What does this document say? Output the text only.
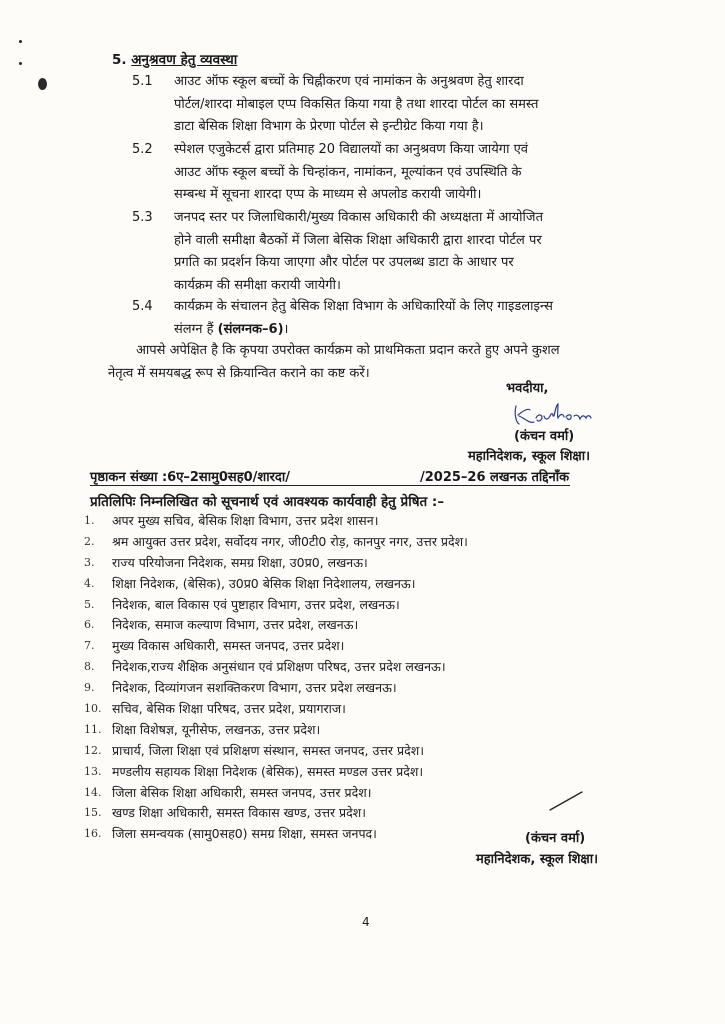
5. अनुश्रवण हेतु व्यवस्था
5.1 आउट ऑफ स्कूल बच्चों के चिह्नीकरण एवं नामांकन के अनुश्रवण हेतु शारदा
पोर्टल/शारदा मोबाइल एप्प विकसित किया गया है तथा शारदा पोर्टल का समस्त
डाटा बेसिक शिक्षा विभाग के प्रेरणा पोर्टल से इन्टीग्रेट किया गया है।
5.2 स्पेशल एजुकेटर्स द्वारा प्रतिमाह 20 विद्यालयों का अनुश्रवण किया जायेगा एवं
आउट ऑफ स्कूल बच्चों के चिन्हांकन, नामांकन, मूल्यांकन एवं उपस्थिति के
सम्बन्ध में सूचना शारदा एप्प के माध्यम से अपलोड करायी जायेगी।
5.3 जनपद स्तर पर जिलाधिकारी/मुख्य विकास अधिकारी की अध्यक्षता में आयोजित
होने वाली समीक्षा बैठकों में जिला बेसिक शिक्षा अधिकारी द्वारा शारदा पोर्टल पर
प्रगति का प्रदर्शन किया जाएगा और पोर्टल पर उपलब्ध डाटा के आधार पर
कार्यक्रम की समीक्षा करायी जायेगी।
5.4 कार्यक्रम के संचालन हेतु बेसिक शिक्षा विभाग के अधिकारियों के लिए गाइडलाइन्स
संलग्न हैं (संलग्नक–6)।
आपसे अपेक्षित है कि कृपया उपरोक्त कार्यक्रम को प्राथमिकता प्रदान करते हुए अपने कुशल
नेतृत्व में समयबद्ध रूप से क्रियान्वित कराने का कष्ट करें।
भवदीया,
(कंचन वर्मा)
महानिदेशक, स्कूल शिक्षा।
पृष्ठाकन संख्या :6ए–2सामु0सह0/शारदा/	/2025–26 लखनऊ तद्दिनाँक
प्रतिलिपिः निम्नलिखित को सूचनार्थ एवं आवश्यक कार्यवाही हेतु प्रेषित :–
1.	अपर मुख्य सचिव, बेसिक शिक्षा विभाग, उत्तर प्रदेश शासन।
2.	श्रम आयुक्त उत्तर प्रदेश, सर्वोदय नगर, जी0टी0 रोड़, कानपुर नगर, उत्तर प्रदेश।
3.	राज्य परियोजना निदेशक, समग्र शिक्षा, उ0प्र0, लखनऊ।
4.	शिक्षा निदेशक, (बेसिक), उ0प्र0 बेसिक शिक्षा निदेशालय, लखनऊ।
5.	निदेशक, बाल विकास एवं पुष्टाहार विभाग, उत्तर प्रदेश, लखनऊ।
6.	निदेशक, समाज कल्याण विभाग, उत्तर प्रदेश, लखनऊ।
7.	मुख्य विकास अधिकारी, समस्त जनपद, उत्तर प्रदेश।
8.	निदेशक,राज्य शैक्षिक अनुसंधान एवं प्रशिक्षण परिषद, उत्तर प्रदेश लखनऊ।
9.	निदेशक, दिव्यांगजन सशक्तिकरण विभाग, उत्तर प्रदेश लखनऊ।
10. सचिव, बेसिक शिक्षा परिषद, उत्तर प्रदेश, प्रयागराज।
11. शिक्षा विशेषज्ञ, यूनीसेफ, लखनऊ, उत्तर प्रदेश।
12. प्राचार्य, जिला शिक्षा एवं प्रशिक्षण संस्थान, समस्त जनपद, उत्तर प्रदेश।
13. मण्डलीय सहायक शिक्षा निदेशक (बेसिक), समस्त मण्डल उत्तर प्रदेश।
14. जिला बेसिक शिक्षा अधिकारी, समस्त जनपद, उत्तर प्रदेश।
15. खण्ड शिक्षा अधिकारी, समस्त विकास खण्ड, उत्तर प्रदेश।
16. जिला समन्वयक (सामु0सह0) समग्र शिक्षा, समस्त जनपद।	(कंचन वर्मा)
महानिदेशक, स्कूल शिक्षा।
4
